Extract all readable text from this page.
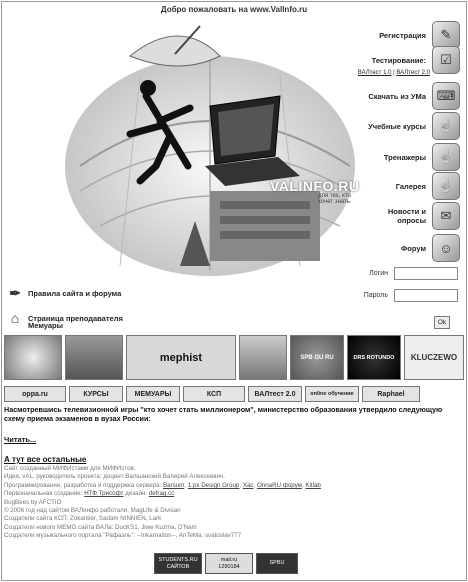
Добро пожаловать на www.ValInfo.ru
VALINFO.RU
для тех, кто хочет знать
Регистрация	✎
Тестирование:	☑
ВАЛтест 1.0 | ВАЛтест 2.0
Скачать из УМа ⌨
Учебные курсы ☝
Тренажеры ☝
Галерея ☝
Новости и опросы	✉
Форум	☺
Логин
Пароль
Ok
✒ Правила сайта и форума
⌂	Страница преподавателя
Мемуары
mephist	SPB GU RU	DRS ROTUNDO	KLUCZEWO
oppa.ru	КУРСЫ	МЕМУАРЫ	КСП	ВАЛтест 2.0	online обучение	Raphael
Насмотревшись телевизионной игры "кто хочет стать миллионером", министерство образования утвердило следующую схему приема экзаменов в вузах России:
Читать...
А тут все остальные
Сайт созданный МИФИстами для МИФИстов.
Идея, vAL, руководитель проекта: доцент Валшанский Валерий Алексеевич.
Программирование, разработка и поддержка сервера: Barsum, 1:px Design Group, Xac, OnnaRU форум, Kitlab
Первоначальная создание: НТФ Трисофт дизайн: defrag.cc
BugBees by AFCTIO
© 2006 год над сайтом ВАЛинфо работали: MagLife & Divisan
Создатели сайта КСП: Zokantier, Sadam NINNIEN, Lark
Создатели нового МЕМО сайта ВАЛа: DucKS1, Jiwe Kuzma, D'Nam
Создатели музыкального портала "Рафаэль": --Inkarnation--, AnTeMa, svatoslav777
STUDENTS.RU
САЙТОВ
mail.ru
1290184
SPBU
